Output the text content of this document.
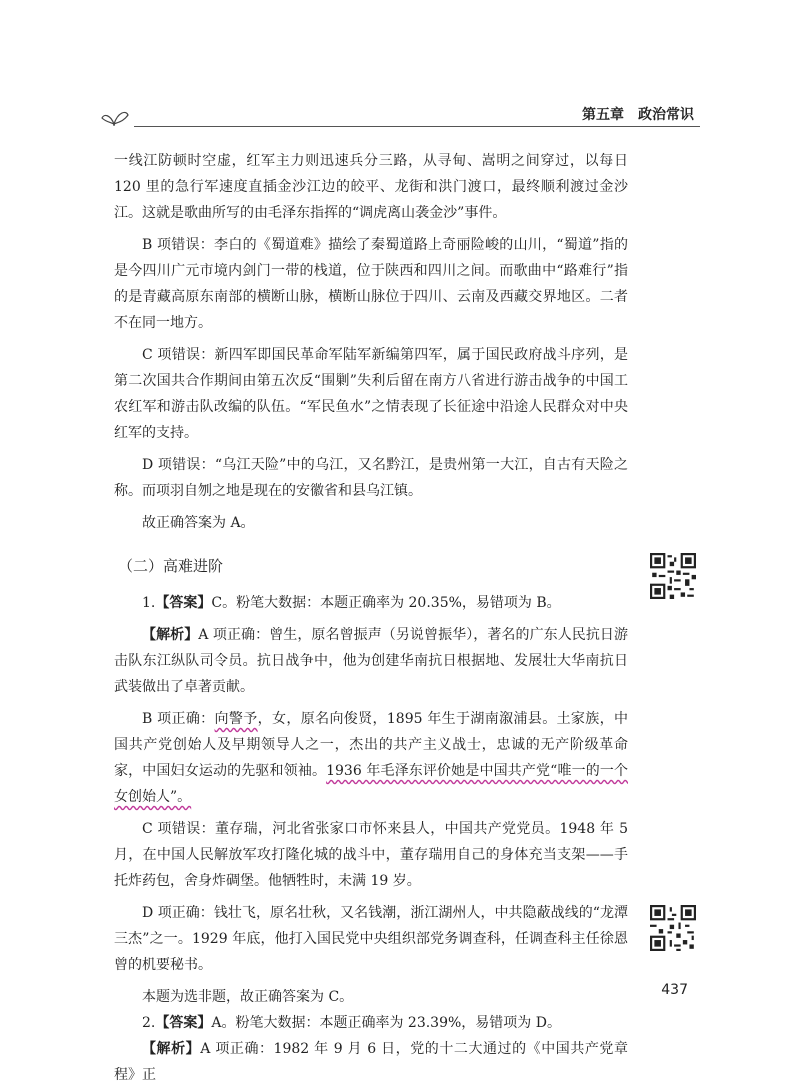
第五章 政治常识

一线江防顿时空虚，红军主力则迅速兵分三路，从寻甸、嵩明之间穿过，以每日 120 里的急行军速度直插金沙江边的皎平、龙街和洪门渡口，最终顺利渡过金沙江。这就是歌曲所写的由毛泽东指挥的“调虎离山袭金沙”事件。

B 项错误：李白的《蜀道难》描绘了秦蜀道路上奇丽险峻的山川，“蜀道”指的是今四川广元市境内剑门一带的栈道，位于陕西和四川之间。而歌曲中“路难行”指的是青藏高原东南部的横断山脉，横断山脉位于四川、云南及西藏交界地区。二者不在同一地方。

C 项错误：新四军即国民革命军陆军新编第四军，属于国民政府战斗序列，是第二次国共合作期间由第五次反“围剿”失利后留在南方八省进行游击战争的中国工农红军和游击队改编的队伍。“军民鱼水”之情表现了长征途中沿途人民群众对中央红军的支持。

D 项错误：“乌江天险”中的乌江，又名黔江，是贵州第一大江，自古有天险之称。而项羽自刎之地是现在的安徽省和县乌江镇。

故正确答案为 A。

（二）高难进阶

1.【答案】C。粉笔大数据：本题正确率为 20.35%，易错项为 B。

【解析】A 项正确：曾生，原名曾振声（另说曾振华），著名的广东人民抗日游击队东江纵队司令员。抗日战争中，他为创建华南抗日根据地、发展壮大华南抗日武装做出了卓著贡献。

B 项正确：向警予，女，原名向俊贤，1895 年生于湖南溆浦县。土家族，中国共产党创始人及早期领导人之一，杰出的共产主义战士，忠诚的无产阶级革命家，中国妇女运动的先驱和领袖。1936 年毛泽东评价她是中国共产党“唯一的一个女创始人”。

C 项错误：董存瑞，河北省张家口市怀来县人，中国共产党党员。1948 年 5 月，在中国人民解放军攻打隆化城的战斗中，董存瑞用自己的身体充当支架——手托炸药包，舍身炸碉堡。他牺牲时，未满 19 岁。

D 项正确：钱壮飞，原名壮秋，又名钱潮，浙江湖州人，中共隐蔽战线的“龙潭三杰”之一。1929 年底，他打入国民党中央组织部党务调查科，任调查科主任徐恩曾的机要秘书。

本题为选非题，故正确答案为 C。

2.【答案】A。粉笔大数据：本题正确率为 23.39%，易错项为 D。

【解析】A 项正确：1982 年 9 月 6 日，党的十二大通过的《中国共产党章程》正

437
